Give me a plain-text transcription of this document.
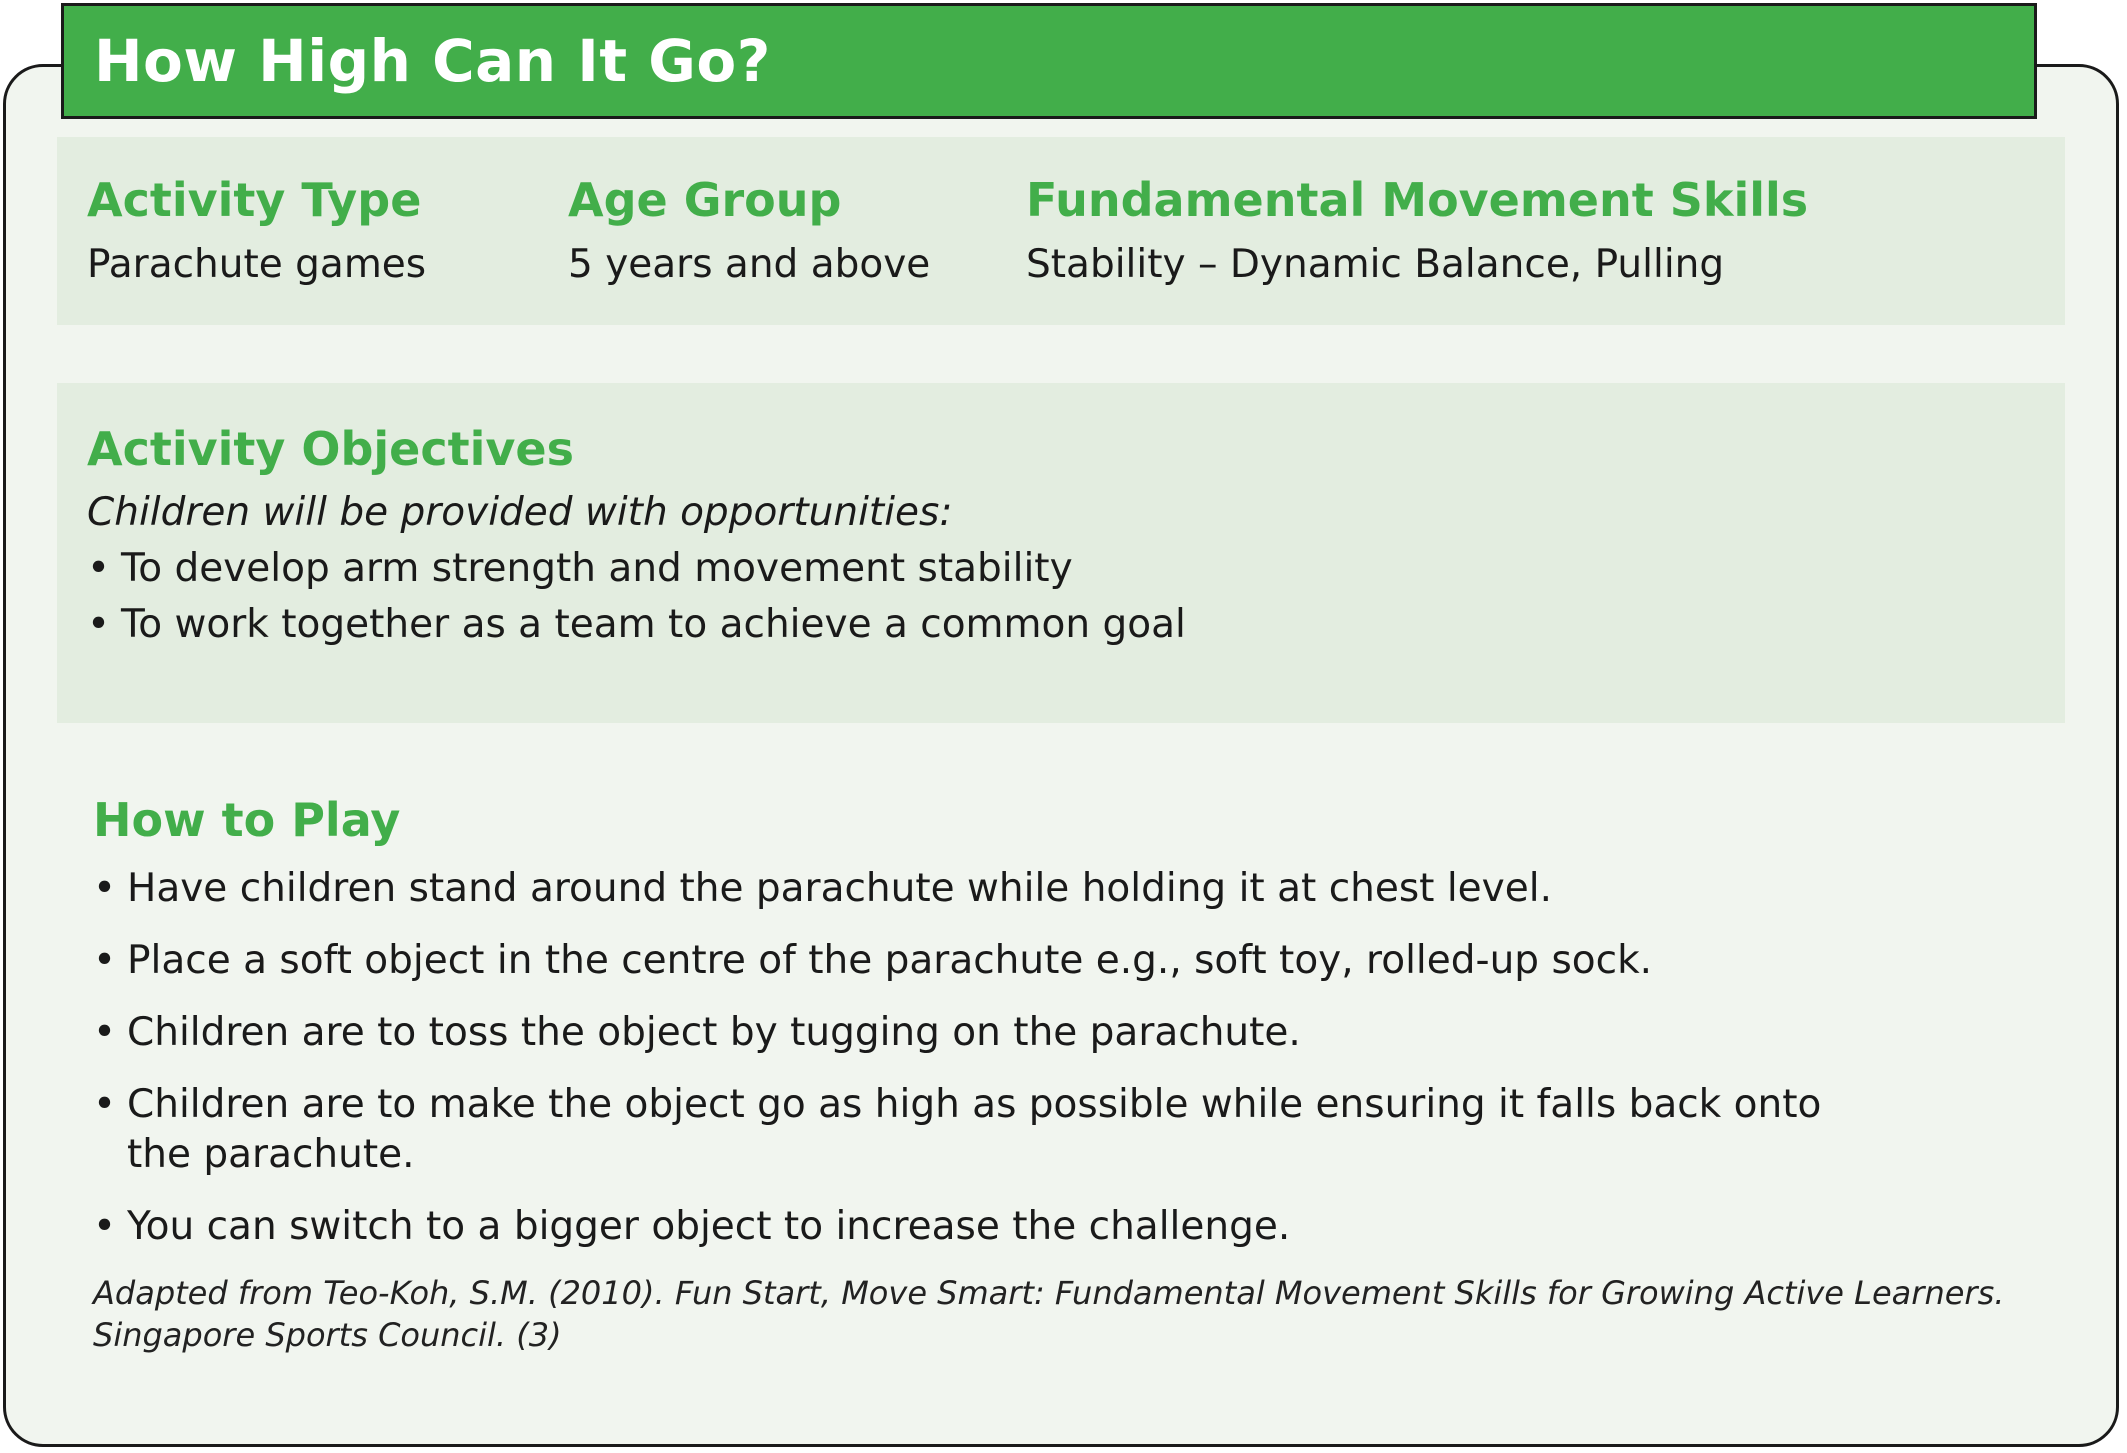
How High Can It Go?
Activity Type
Parachute games
Age Group
5 years and above
Fundamental Movement Skills
Stability – Dynamic Balance, Pulling
Activity Objectives
Children will be provided with opportunities:
• To develop arm strength and movement stability
• To work together as a team to achieve a common goal
How to Play
• Have children stand around the parachute while holding it at chest level.
• Place a soft object in the centre of the parachute e.g., soft toy, rolled-up sock.
• Children are to toss the object by tugging on the parachute.
• Children are to make the object go as high as possible while ensuring it falls back onto the parachute.
• You can switch to a bigger object to increase the challenge.
Adapted from Teo-Koh, S.M. (2010). Fun Start, Move Smart: Fundamental Movement Skills for Growing Active Learners. Singapore Sports Council. (3)
